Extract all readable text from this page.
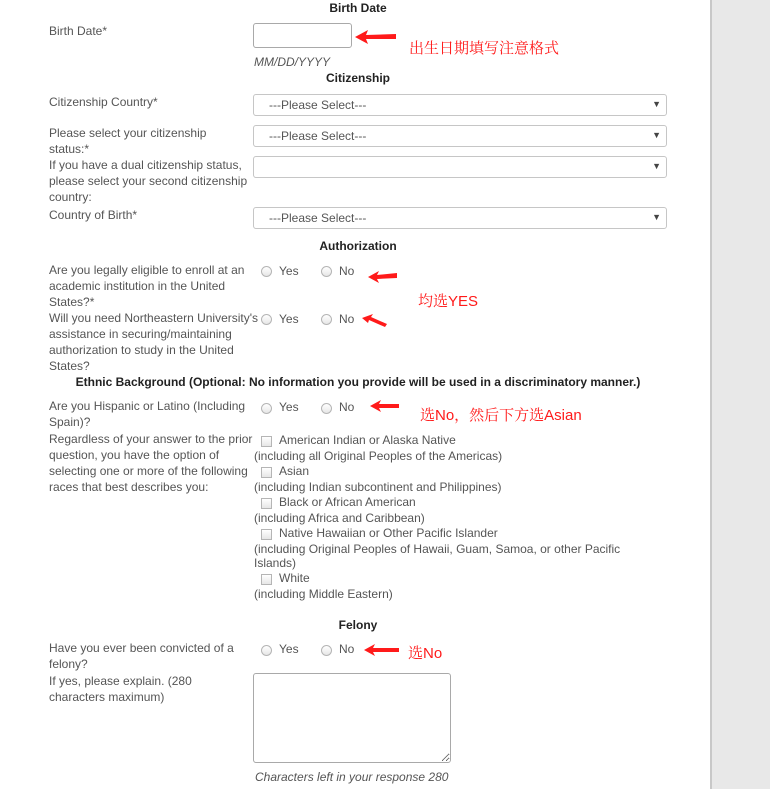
Birth Date
Birth Date*
MM/DD/YYYY
出生日期填写注意格式
Citizenship
Citizenship Country*	---Please Select---	▼
Please select your citizenship status:*
---Please Select---	▼
If you have a dual citizenship status, please select your second citizenship country:
▼
Country of Birth*	---Please Select---	▼
Authorization
Are you legally eligible to enroll at an academic institution in the United States?*
Yes	No
均选YES
Will you need Northeastern University's assistance in securing/maintaining authorization to study in the United States?
Yes	No
Ethnic Background (Optional: No information you provide will be used in a discriminatory manner.)
Are you Hispanic or Latino (Including Spain)?
Yes	No	选No，然后下方选Asian
Regardless of your answer to the prior question, you have the option of selecting one or more of the following races that best describes you:
American Indian or Alaska Native
(including all Original Peoples of the Americas)
Asian
(including Indian subcontinent and Philippines)
Black or African American
(including Africa and Caribbean)
Native Hawaiian or Other Pacific Islander
(including Original Peoples of Hawaii, Guam, Samoa, or other Pacific Islands)
White
(including Middle Eastern)
Felony
Have you ever been convicted of a felony?
Yes	No	选No
If yes, please explain. (280 characters maximum)
Characters left in your response 280
